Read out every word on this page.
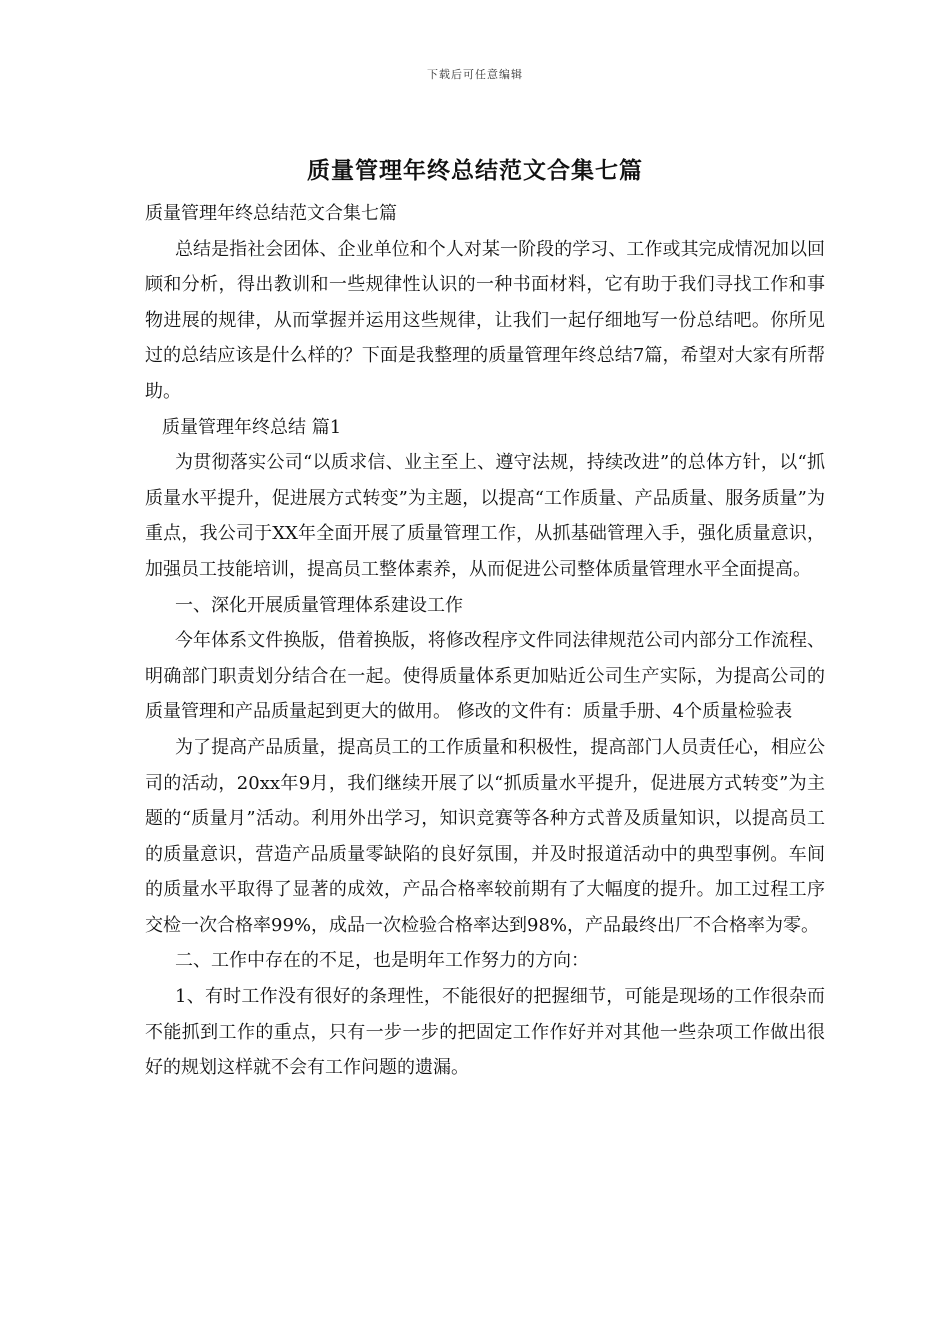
下载后可任意编辑
质量管理年终总结范文合集七篇

质量管理年终总结范文合集七篇

总结是指社会团体、企业单位和个人对某一阶段的学习、工作或其完成情况加以回顾和分析，得出教训和一些规律性认识的一种书面材料，它有助于我们寻找工作和事物进展的规律，从而掌握并运用这些规律，让我们一起仔细地写一份总结吧。你所见过的总结应该是什么样的？下面是我整理的质量管理年终总结7篇，希望对大家有所帮助。

质量管理年终总结 篇1

为贯彻落实公司“以质求信、业主至上、遵守法规，持续改进”的总体方针，以“抓质量水平提升，促进展方式转变”为主题，以提高“工作质量、产品质量、服务质量”为重点，我公司于XX年全面开展了质量管理工作，从抓基础管理入手，强化质量意识，加强员工技能培训，提高员工整体素养，从而促进公司整体质量管理水平全面提高。

一、深化开展质量管理体系建设工作

今年体系文件换版，借着换版，将修改程序文件同法律规范公司内部分工作流程、明确部门职责划分结合在一起。使得质量体系更加贴近公司生产实际，为提高公司的质量管理和产品质量起到更大的做用。 修改的文件有：质量手册、4个质量检验表

为了提高产品质量，提高员工的工作质量和积极性，提高部门人员责任心，相应公司的活动，20xx年9月，我们继续开展了以“抓质量水平提升，促进展方式转变”为主题的“质量月”活动。利用外出学习，知识竞赛等各种方式普及质量知识，以提高员工的质量意识，营造产品质量零缺陷的良好氛围，并及时报道活动中的典型事例。车间的质量水平取得了显著的成效，产品合格率较前期有了大幅度的提升。加工过程工序交检一次合格率99%，成品一次检验合格率达到98%，产品最终出厂不合格率为零。

二、工作中存在的不足，也是明年工作努力的方向：

1、有时工作没有很好的条理性，不能很好的把握细节，可能是现场的工作很杂而不能抓到工作的重点，只有一步一步的把固定工作作好并对其他一些杂项工作做出很好的规划这样就不会有工作问题的遗漏。
